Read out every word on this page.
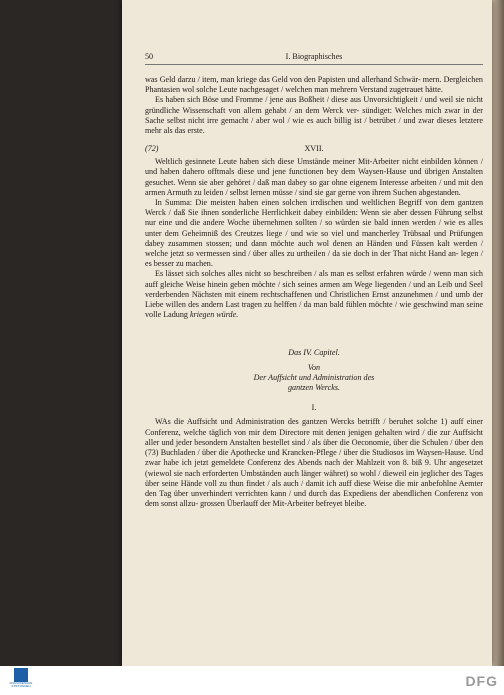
50	I. Biographisches

was Geld darzu / item, man kriege das Geld von den Papisten und allerhand Schwär- mern. Dergleichen Phantasien wol solche Leute nachgesaget / welchen man mehrern Verstand zugetrauet hätte.

Es haben sich Böse und Fromme / jene aus Boßheit / diese aus Unvorsichtigkeit / und weil sie nicht gründliche Wissenschaft von allem gehabt / an dem Werck ver- sündiget: Welches mich zwar in der Sache selbst nicht irre gemacht / aber wol / wie es auch billig ist / betrübet / und zwar dieses letztere mehr als das erste.

(72)	XVII.

Weltlich gesinnete Leute haben sich diese Umstände meiner Mit-Arbeiter nicht einbilden können / und haben dahero offtmals diese und jene functionen bey dem Waysen-Hause und übrigen Anstalten gesuchet. Wenn sie aber gehöret / daß man dabey so gar ohne eigenem Interesse arbeiten / und mit den armen Armuth zu leiden / selbst lernen müsse / sind sie gar gerne von ihrem Suchen abgestanden.

In Summa: Die meisten haben einen solchen irrdischen und weltlichen Begriff von dem gantzen Werck / daß Sie ihnen sonderliche Herrlichkeit dabey einbilden: Wenn sie aber dessen Führung selbst nur eine und die andere Woche übernehmen sollten / so würden sie bald innen werden / wie es alles unter dem Geheimniß des Creutzes liege / und wie so viel und mancherley Trübsaal und Prüfungen dabey zusammen stossen; und dann möchte auch wol denen an Händen und Füssen kalt werden / welche jetzt so vermessen sind / über alles zu urtheilen / da sie doch in der That nicht Hand an- legen / es besser zu machen.

Es lässet sich solches alles nicht so beschreiben / als man es selbst erfahren würde / wenn man sich auff gleiche Weise hinein geben möchte / sich seines armen am Wege liegenden / und an Leib und Seel verderbenden Nächsten mit einem rechtschaffenen und Christlichen Ernst anzunehmen / und umb der Liebe willen des andern Last tragen zu helffen / da man bald fühlen möchte / wie geschwind man seine volle Ladung kriegen würde.

Das IV. Capitel.
Von
Der Auffsicht und Administration des
gantzen Wercks.
I.

WAs die Auffsicht und Administration des gantzen Wercks betrifft / beruhet solche 1) auff einer Conferenz, welche täglich von mir dem Directore mit denen jenigen gehalten wird / die zur Auffsicht aller und jeder besondern Anstalten bestellet sind / als über die Oeconomie, über die Schulen / über den (73) Buchladen / über die Apothecke und Krancken-Pflege / über die Studiosos im Waysen-Hause. Und zwar habe ich jetzt gemeldete Conferenz des Abends nach der Mahlzeit von 8. biß 9. Uhr angesetzet (wiewol sie nach erforderten Umbständen auch länger währet) so wohl / dieweil ein jeglicher des Tages über seine Hände voll zu thun findet / als auch / damit ich auff diese Weise die mir anbefohlne Aemter den Tag über unverhindert verrichten kann / und durch das Expediens der abendlichen Conferenz von dem sonst allzu- grossen Überlauff der Mit-Arbeiter befreyet bleibe.

FRANCKESCHE STIFTUNGEN	DFG
